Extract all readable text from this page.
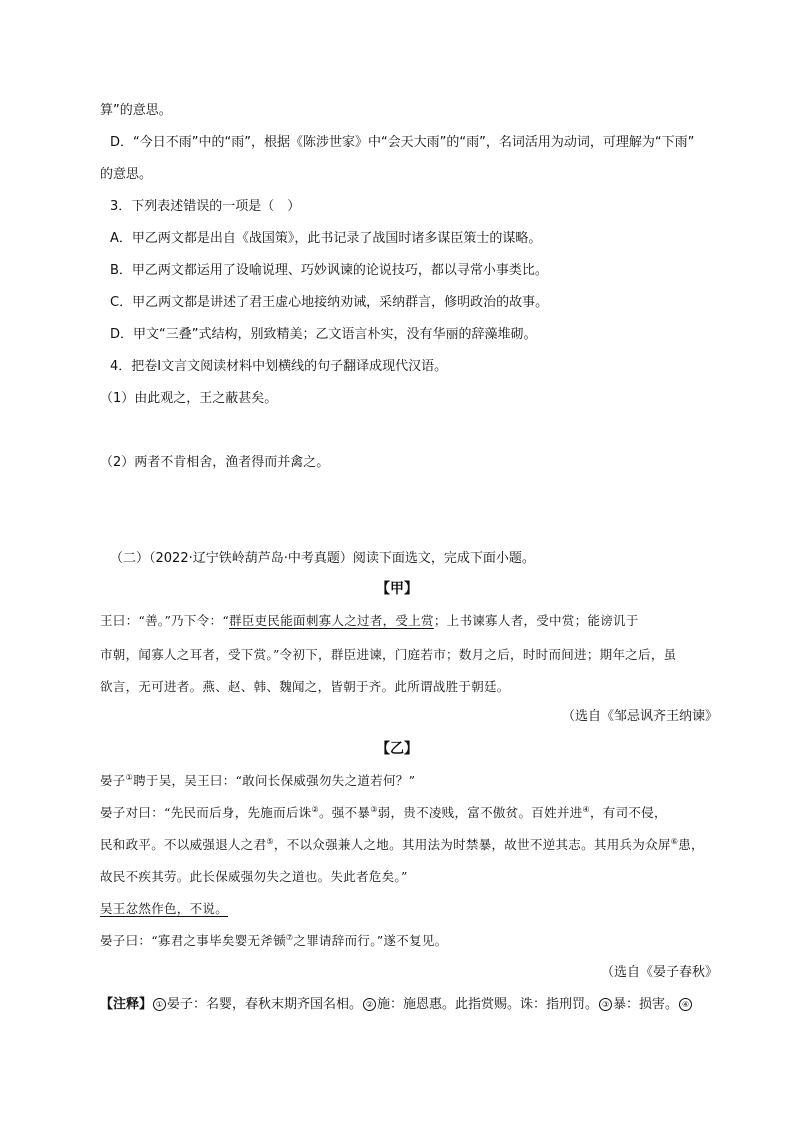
算”的意思。
D．“今日不雨”中的“雨”，根据《陈涉世家》中“会天大雨”的“雨”，名词活用为动词，可理解为“下雨”
的意思。
3．下列表述错误的一项是（　）
A．甲乙两文都是出自《战国策》，此书记录了战国时诸多谋臣策士的谋略。
B．甲乙两文都运用了设喻说理、巧妙讽谏的论说技巧，都以寻常小事类比。
C．甲乙两文都是讲述了君王虚心地接纳劝诫，采纳群言，修明政治的故事。
D．甲文“三叠”式结构，别致精美；乙文语言朴实，没有华丽的辞藻堆砌。
4．把卷Ⅰ文言文阅读材料中划横线的句子翻译成现代汉语。
（1）由此观之，王之蔽甚矣。
（2）两者不肯相舍，渔者得而并禽之。
（二）（2022·辽宁铁岭葫芦岛·中考真题）阅读下面选文，完成下面小题。
【甲】
王曰：“善。”乃下令：“群臣吏民能面刺寡人之过者，受上赏；上书谏寡人者，受中赏；能谤讥于
市朝，闻寡人之耳者，受下赏。”令初下，群臣进谏，门庭若市；数月之后，时时而间进；期年之后，虽
欲言，无可进者。燕、赵、韩、魏闻之，皆朝于齐。此所谓战胜于朝廷。
（选自《邹忌讽齐王纳谏》
【乙】
晏子①聘于吴，吴王曰：“敢问长保威强勿失之道若何？”
晏子对曰：“先民而后身，先施而后诛②。强不暴③弱，贵不凌贱，富不傲贫。百姓并进④，有司不侵，
民和政平。不以威强退人之君⑤，不以众强兼人之地。其用法为时禁暴，故世不逆其志。其用兵为众屏⑥患，
故民不疾其劳。此长保威强勿失之道也。失此者危矣。”
吴王忿然作色，不说。
晏子曰：“寡君之事毕矣婴无斧锧⑦之罪请辞而行。”遂不复见。
（选自《晏子春秋》
【注释】 ① 晏子：名婴，春秋末期齐国名相。 ② 施：施恩惠。此指赏赐。诛：指刑罚。 ③ 暴：损害。 ④
